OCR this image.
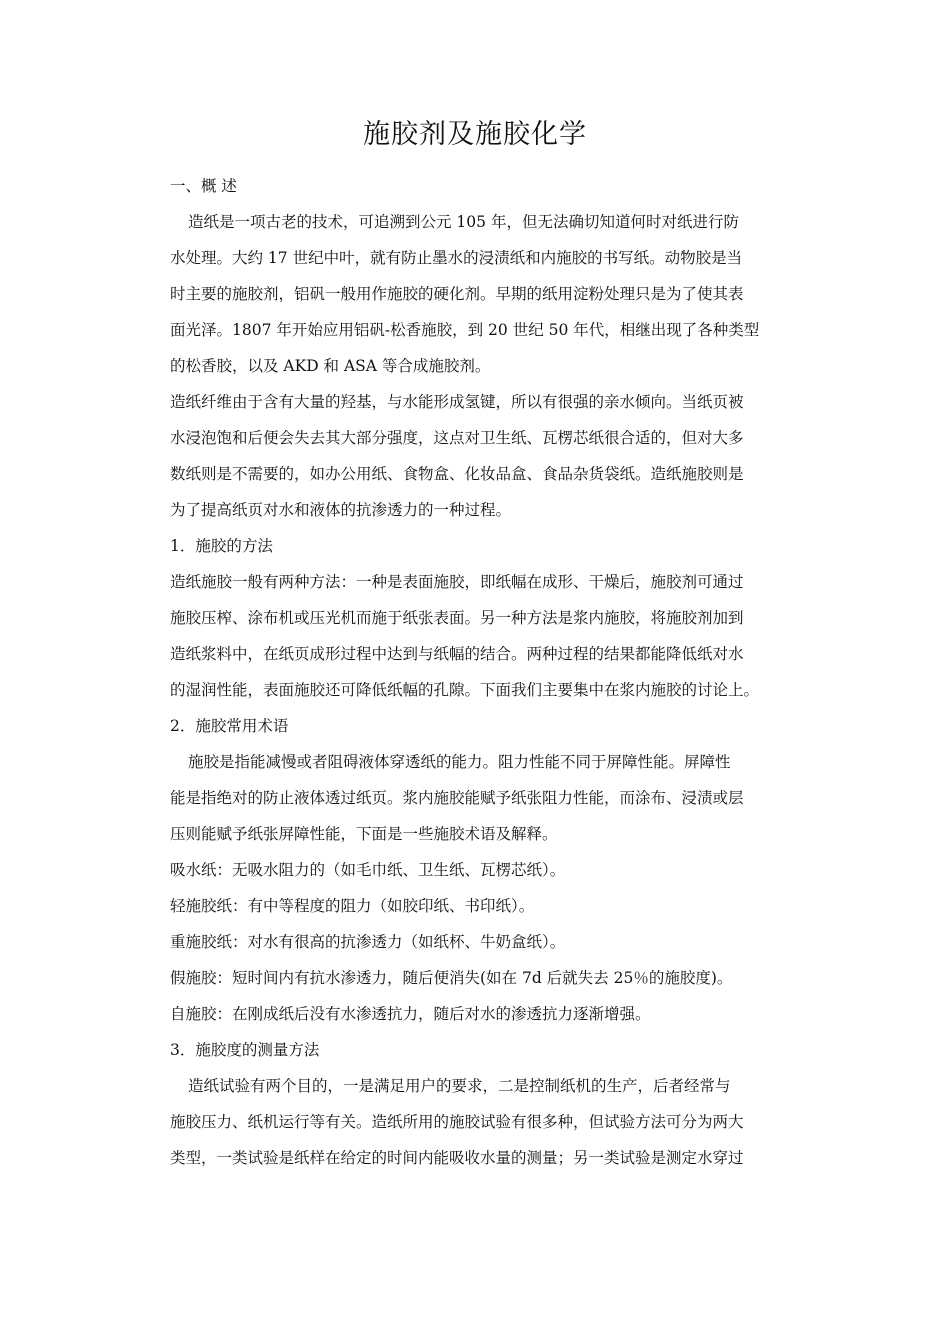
施胶剂及施胶化学
一、概 述
造纸是一项古老的技术，可追溯到公元 105 年，但无法确切知道何时对纸进行防
水处理。大约 17 世纪中叶，就有防止墨水的浸渍纸和内施胶的书写纸。动物胶是当
时主要的施胶剂，铝矾一般用作施胶的硬化剂。早期的纸用淀粉处理只是为了使其表
面光泽。1807 年开始应用铝矾-松香施胶，到 20 世纪 50 年代，相继出现了各种类型
的松香胶，以及 AKD 和 ASA 等合成施胶剂。
造纸纤维由于含有大量的羟基，与水能形成氢键，所以有很强的亲水倾向。当纸页被
水浸泡饱和后便会失去其大部分强度，这点对卫生纸、瓦楞芯纸很合适的，但对大多
数纸则是不需要的，如办公用纸、食物盒、化妆品盒、食品杂货袋纸。造纸施胶则是
为了提高纸页对水和液体的抗渗透力的一种过程。
1．施胶的方法
造纸施胶一般有两种方法：一种是表面施胶，即纸幅在成形、干燥后，施胶剂可通过
施胶压榨、涂布机或压光机而施于纸张表面。另一种方法是浆内施胶，将施胶剂加到
造纸浆料中，在纸页成形过程中达到与纸幅的结合。两种过程的结果都能降低纸对水
的湿润性能，表面施胶还可降低纸幅的孔隙。下面我们主要集中在浆内施胶的讨论上。
2．施胶常用术语
施胶是指能减慢或者阻碍液体穿透纸的能力。阻力性能不同于屏障性能。屏障性
能是指绝对的防止液体透过纸页。浆内施胶能赋予纸张阻力性能，而涂布、浸渍或层
压则能赋予纸张屏障性能，下面是一些施胶术语及解释。
吸水纸：无吸水阻力的（如毛巾纸、卫生纸、瓦楞芯纸）。
轻施胶纸：有中等程度的阻力（如胶印纸、书印纸）。
重施胶纸：对水有很高的抗渗透力（如纸杯、牛奶盒纸）。
假施胶：短时间内有抗水渗透力，随后便消失(如在 7d 后就失去 25％的施胶度)。
自施胶：在刚成纸后没有水渗透抗力，随后对水的渗透抗力逐渐增强。
3．施胶度的测量方法
造纸试验有两个目的，一是满足用户的要求，二是控制纸机的生产，后者经常与
施胶压力、纸机运行等有关。造纸所用的施胶试验有很多种，但试验方法可分为两大
类型，一类试验是纸样在给定的时间内能吸收水量的测量；另一类试验是测定水穿过
